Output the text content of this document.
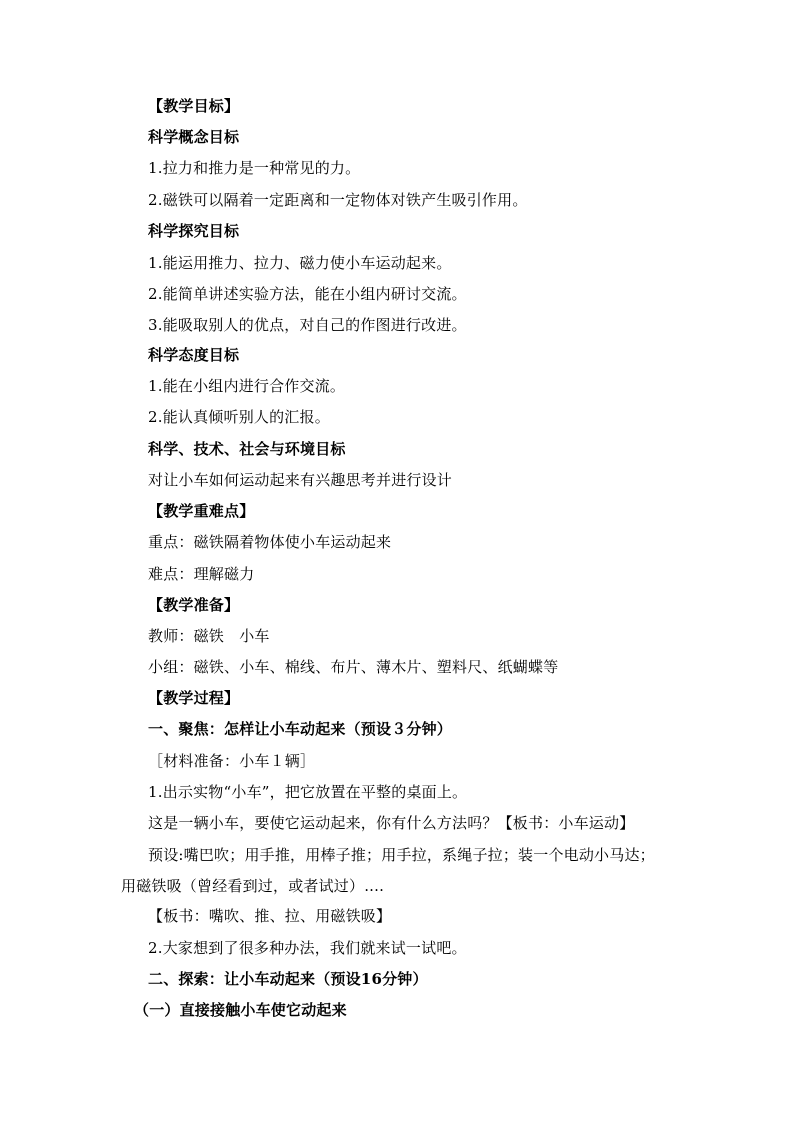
【教学目标】
科学概念目标
1.拉力和推力是一种常见的力。
2.磁铁可以隔着一定距离和一定物体对铁产生吸引作用。
科学探究目标
1.能运用推力、拉力、磁力使小车运动起来。
2.能简单讲述实验方法，能在小组内研讨交流。
3.能吸取别人的优点，对自己的作图进行改进。
科学态度目标
1.能在小组内进行合作交流。
2.能认真倾听别人的汇报。
科学、技术、社会与环境目标
对让小车如何运动起来有兴趣思考并进行设计
【教学重难点】
重点：磁铁隔着物体使小车运动起来
难点：理解磁力
【教学准备】
教师：磁铁　小车
小组：磁铁、小车、棉线、布片、薄木片、塑料尺、纸蝴蝶等
【教学过程】
一、聚焦：怎样让小车动起来（预设３分钟）
［材料准备：小车１辆］
1.出示实物“小车”，把它放置在平整的桌面上。
这是一辆小车，要使它运动起来，你有什么方法吗？【板书：小车运动】
预设:嘴巴吹；用手推，用棒子推；用手拉，系绳子拉；装一个电动小马达；
用磁铁吸（曾经看到过，或者试过）....
【板书：嘴吹、推、拉、用磁铁吸】
2.大家想到了很多种办法，我们就来试一试吧。
二、探索：让小车动起来（预设16分钟）
（一）直接接触小车使它动起来
